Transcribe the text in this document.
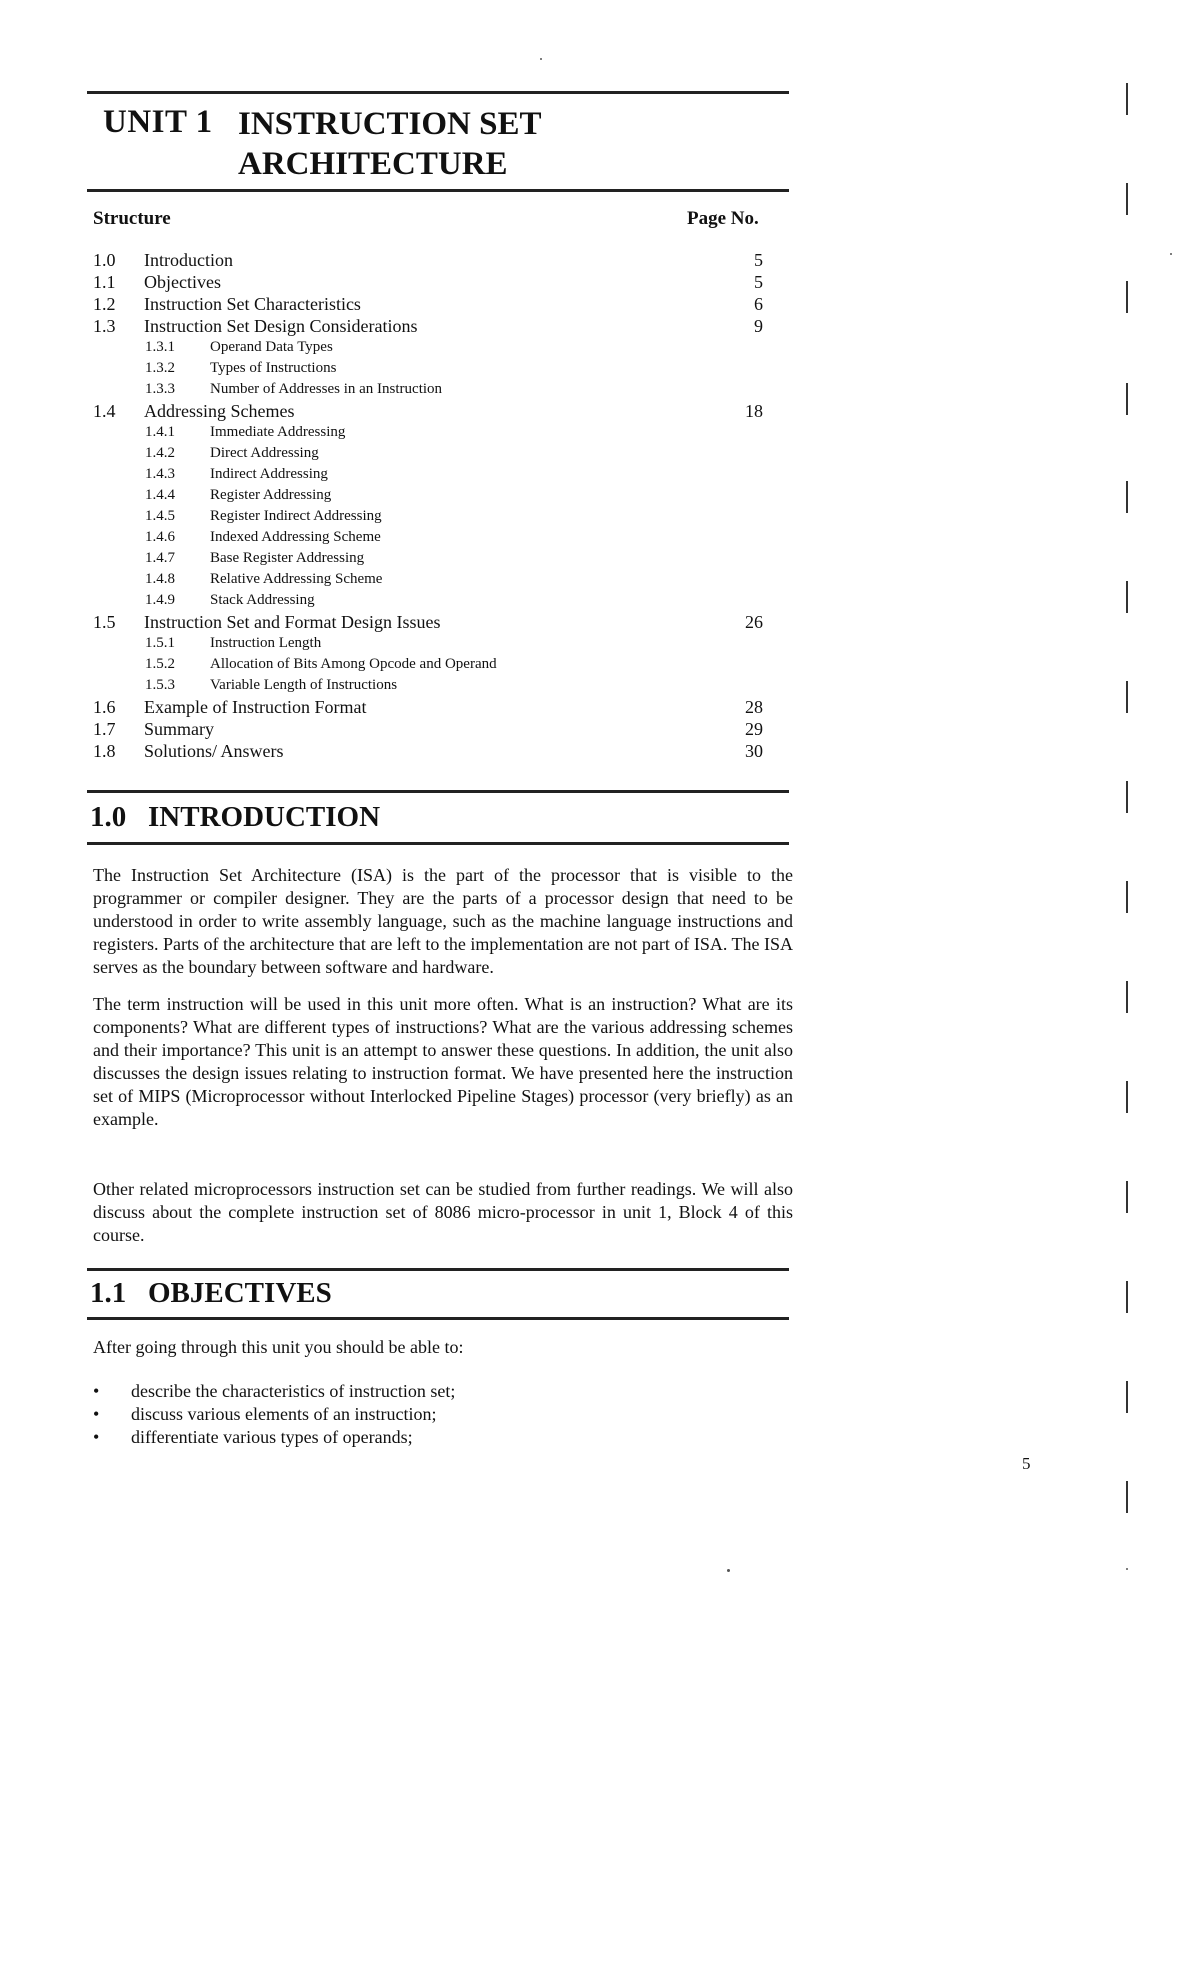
UNIT 1 INSTRUCTION SET
ARCHITECTURE
Structure	Page No.
1.0 Introduction	5
1.1 Objectives	5
1.2 Instruction Set Characteristics	6
1.3 Instruction Set Design Considerations	9
1.3.1 Operand Data Types
1.3.2 Types of Instructions
1.3.3 Number of Addresses in an Instruction
1.4 Addressing Schemes	18
1.4.1 Immediate Addressing
1.4.2 Direct Addressing
1.4.3 Indirect Addressing
1.4.4 Register Addressing
1.4.5 Register Indirect Addressing
1.4.6 Indexed Addressing Scheme
1.4.7 Base Register Addressing
1.4.8 Relative Addressing Scheme
1.4.9 Stack Addressing
1.5 Instruction Set and Format Design Issues	26
1.5.1 Instruction Length
1.5.2 Allocation of Bits Among Opcode and Operand
1.5.3 Variable Length of Instructions
1.6 Example of Instruction Format	28
1.7 Summary	29
1.8 Solutions/ Answers	30
1.0   INTRODUCTION

The Instruction Set Architecture (ISA) is the part of the processor that is visible to the programmer or compiler designer. They are the parts of a processor design that need to be understood in order to write assembly language, such as the machine language instructions and registers. Parts of the architecture that are left to the implementation are not part of ISA. The ISA serves as the boundary between software and hardware.

The term instruction will be used in this unit more often. What is an instruction? What are its components? What are different types of instructions? What are the various addressing schemes and their importance? This unit is an attempt to answer these questions. In addition, the unit also discusses the design issues relating to instruction format. We have presented here the instruction set of MIPS (Microprocessor without Interlocked Pipeline Stages) processor (very briefly) as an example.

Other related microprocessors instruction set can be studied from further readings. We will also discuss about the complete instruction set of 8086 micro-processor in unit 1, Block 4 of this course.

1.1   OBJECTIVES

After going through this unit you should be able to:

• describe the characteristics of instruction set;
• discuss various elements of an instruction;
• differentiate various types of operands;
5
